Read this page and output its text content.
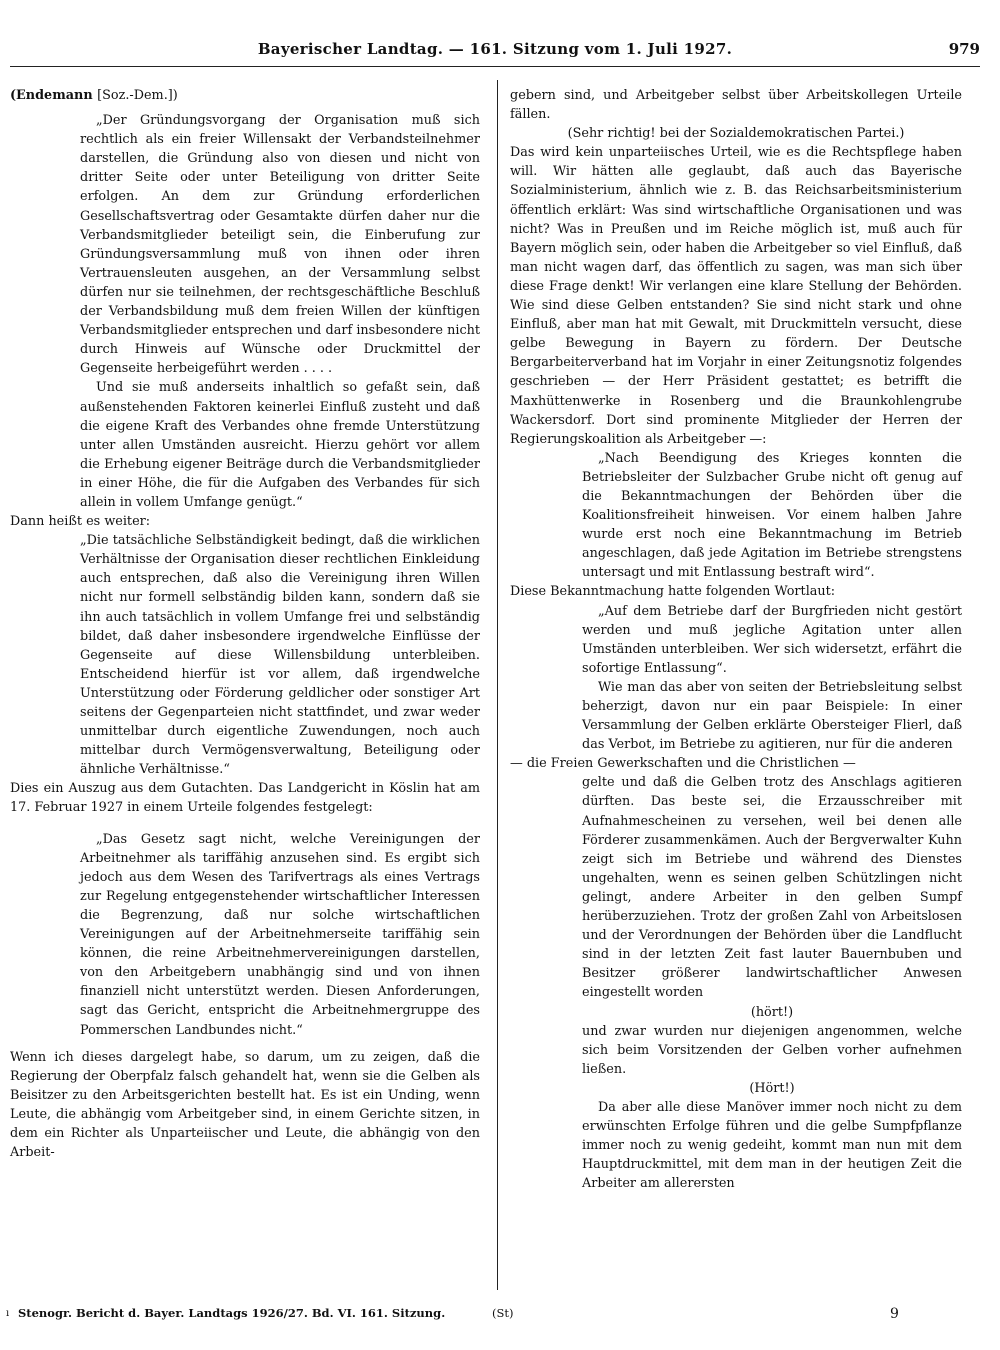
Bayerischer Landtag. — 161. Sitzung vom 1. Juli 1927.	979

(Endemann [Soz.-Dem.])

„Der Gründungsvorgang der Organisation muß sich rechtlich als ein freier Willensakt der Verbandsteilnehmer darstellen, die Gründung also von diesen und nicht von dritter Seite oder unter Beteiligung von dritter Seite erfolgen. An dem zur Gründung erforderlichen Gesellschaftsvertrag oder Gesamtakte dürfen daher nur die Verbandsmitglieder beteiligt sein, die Einberufung zur Gründungsversammlung muß von ihnen oder ihren Vertrauensleuten ausgehen, an der Versammlung selbst dürfen nur sie teilnehmen, der rechtsgeschäftliche Beschluß der Verbandsbildung muß dem freien Willen der künftigen Verbandsmitglieder entsprechen und darf insbesondere nicht durch Hinweis auf Wünsche oder Druckmittel der Gegenseite herbeigeführt werden . . . .

Und sie muß anderseits inhaltlich so gefaßt sein, daß außenstehenden Faktoren keinerlei Einfluß zusteht und daß die eigene Kraft des Verbandes ohne fremde Unterstützung unter allen Umständen ausreicht. Hierzu gehört vor allem die Erhebung eigener Beiträge durch die Verbandsmitglieder in einer Höhe, die für die Aufgaben des Verbandes für sich allein in vollem Umfange genügt.“

Dann heißt es weiter:

„Die tatsächliche Selbständigkeit bedingt, daß die wirklichen Verhältnisse der Organisation dieser rechtlichen Einkleidung auch entsprechen, daß also die Vereinigung ihren Willen nicht nur formell selbständig bilden kann, sondern daß sie ihn auch tatsächlich in vollem Umfange frei und selbständig bildet, daß daher insbesondere irgendwelche Einflüsse der Gegenseite auf diese Willensbildung unterbleiben. Entscheidend hierfür ist vor allem, daß irgendwelche Unterstützung oder Förderung geldlicher oder sonstiger Art seitens der Gegenparteien nicht stattfindet, und zwar weder unmittelbar durch eigentliche Zuwendungen, noch auch mittelbar durch Vermögensverwaltung, Beteiligung oder ähnliche Verhältnisse.“

Dies ein Auszug aus dem Gutachten. Das Landgericht in Köslin hat am 17. Februar 1927 in einem Urteile folgendes festgelegt:

„Das Gesetz sagt nicht, welche Vereinigungen der Arbeitnehmer als tariffähig anzusehen sind. Es ergibt sich jedoch aus dem Wesen des Tarifvertrags als eines Vertrags zur Regelung entgegenstehender wirtschaftlicher Interessen die Begrenzung, daß nur solche wirtschaftlichen Vereinigungen auf der Arbeitnehmerseite tariffähig sein können, die reine Arbeitnehmervereinigungen darstellen, von den Arbeitgebern unabhängig sind und von ihnen finanziell nicht unterstützt werden. Diesen Anforderungen, sagt das Gericht, entspricht die Arbeitnehmergruppe des Pommerschen Landbundes nicht.“

Wenn ich dieses dargelegt habe, so darum, um zu zeigen, daß die Regierung der Oberpfalz falsch gehandelt hat, wenn sie die Gelben als Beisitzer zu den Arbeitsgerichten bestellt hat. Es ist ein Unding, wenn Leute, die abhängig vom Arbeitgeber sind, in einem Gerichte sitzen, in dem ein Richter als Unparteiischer und Leute, die abhängig von den Arbeit-

gebern sind, und Arbeitgeber selbst über Arbeitskollegen Urteile fällen.

(Sehr richtig! bei der Sozialdemokratischen Partei.)

Das wird kein unparteiisches Urteil, wie es die Rechtspflege haben will. Wir hätten alle geglaubt, daß auch das Bayerische Sozialministerium, ähnlich wie z. B. das Reichsarbeitsministerium öffentlich erklärt: Was sind wirtschaftliche Organisationen und was nicht? Was in Preußen und im Reiche möglich ist, muß auch für Bayern möglich sein, oder haben die Arbeitgeber so viel Einfluß, daß man nicht wagen darf, das öffentlich zu sagen, was man sich über diese Frage denkt! Wir verlangen eine klare Stellung der Behörden. Wie sind diese Gelben entstanden? Sie sind nicht stark und ohne Einfluß, aber man hat mit Gewalt, mit Druckmitteln versucht, diese gelbe Bewegung in Bayern zu fördern. Der Deutsche Bergarbeiterverband hat im Vorjahr in einer Zeitungsnotiz folgendes geschrieben — der Herr Präsident gestattet; es betrifft die Maxhüttenwerke in Rosenberg und die Braunkohlengrube Wackersdorf. Dort sind prominente Mitglieder der Herren der Regierungskoalition als Arbeitgeber —:

„Nach Beendigung des Krieges konnten die Betriebsleiter der Sulzbacher Grube nicht oft genug auf die Bekanntmachungen der Behörden über die Koalitionsfreiheit hinweisen. Vor einem halben Jahre wurde erst noch eine Bekanntmachung im Betrieb angeschlagen, daß jede Agitation im Betriebe strengstens untersagt und mit Entlassung bestraft wird“.

Diese Bekanntmachung hatte folgenden Wortlaut:

„Auf dem Betriebe darf der Burgfrieden nicht gestört werden und muß jegliche Agitation unter allen Umständen unterbleiben. Wer sich widersetzt, erfährt die sofortige Entlassung“.

Wie man das aber von seiten der Betriebsleitung selbst beherzigt, davon nur ein paar Beispiele: In einer Versammlung der Gelben erklärte Obersteiger Flierl, daß das Verbot, im Betriebe zu agitieren, nur für die anderen

— die Freien Gewerkschaften und die Christlichen —

gelte und daß die Gelben trotz des Anschlags agitieren dürften. Das beste sei, die Erzausschreiber mit Aufnahmescheinen zu versehen, weil bei denen alle Förderer zusammenkämen. Auch der Bergverwalter Kuhn zeigt sich im Betriebe und während des Dienstes ungehalten, wenn es seinen gelben Schützlingen nicht gelingt, andere Arbeiter in den gelben Sumpf herüberzuziehen. Trotz der großen Zahl von Arbeitslosen und der Verordnungen der Behörden über die Landflucht sind in der letzten Zeit fast lauter Bauernbuben und Besitzer größerer landwirtschaftlicher Anwesen eingestellt worden

(hört!)

und zwar wurden nur diejenigen angenommen, welche sich beim Vorsitzenden der Gelben vorher aufnehmen ließen.

(Hört!)

Da aber alle diese Manöver immer noch nicht zu dem erwünschten Erfolge führen und die gelbe Sumpfpflanze immer noch zu wenig gedeiht, kommt man nun mit dem Hauptdruckmittel, mit dem man in der heutigen Zeit die Arbeiter am allerersten

Stenogr. Bericht d. Bayer. Landtags 1926/27. Bd. VI. 161. Sitzung.	(St)	9
ı
